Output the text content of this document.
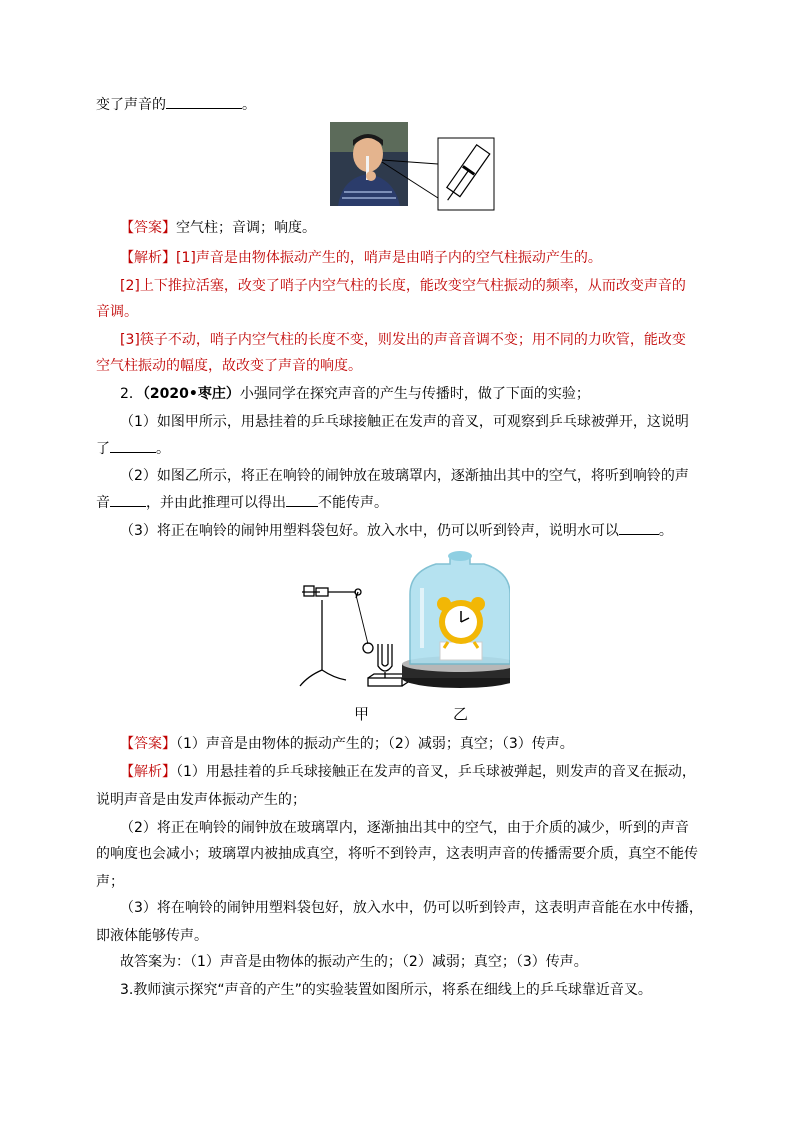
变了声音的	。
【答案】空气柱；音调；响度。
【解析】[1]声音是由物体振动产生的，哨声是由哨子内的空气柱振动产生的。
[2]上下推拉活塞，改变了哨子内空气柱的长度，能改变空气柱振动的频率，从而改变声音的
音调。
[3]筷子不动，哨子内空气柱的长度不变，则发出的声音音调不变；用不同的力吹管，能改变
空气柱振动的幅度，故改变了声音的响度。
2．（2020•枣庄）小强同学在探究声音的产生与传播时，做了下面的实验；
（1）如图甲所示，用悬挂着的乒乓球接触正在发声的音叉，可观察到乒乓球被弹开，这说明
了	。
（2）如图乙所示，将正在响铃的闹钟放在玻璃罩内，逐渐抽出其中的空气，将听到响铃的声
音	，并由此推理可以得出 不能传声。
（3）将正在响铃的闹钟用塑料袋包好。放入水中，仍可以听到铃声，说明水可以	。
甲	乙
【答案】（1）声音是由物体的振动产生的；（2）减弱；真空；（3）传声。
【解析】（1）用悬挂着的乒乓球接触正在发声的音叉，乒乓球被弹起，则发声的音叉在振动，
说明声音是由发声体振动产生的；
（2）将正在响铃的闹钟放在玻璃罩内，逐渐抽出其中的空气，由于介质的减少，听到的声音
的响度也会减小；玻璃罩内被抽成真空，将听不到铃声，这表明声音的传播需要介质，真空不能传
声；
（3）将在响铃的闹钟用塑料袋包好，放入水中，仍可以听到铃声，这表明声音能在水中传播，
即液体能够传声。
故答案为：（1）声音是由物体的振动产生的；（2）减弱；真空；（3）传声。
3.教师演示探究“声音的产生”的实验装置如图所示，将系在细线上的乒乓球靠近音叉。
